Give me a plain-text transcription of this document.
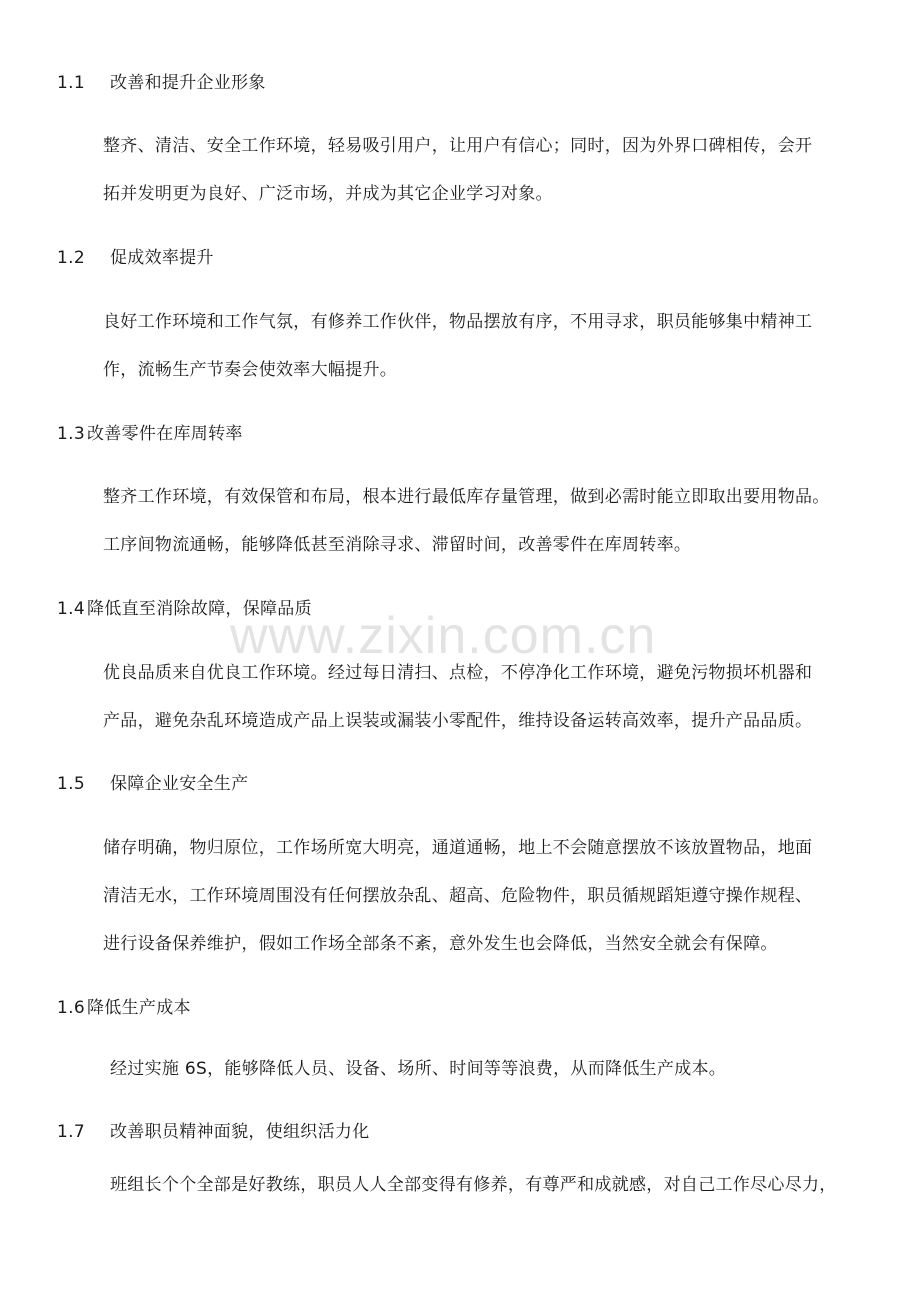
www.zixin.com.cn
1.1 改善和提升企业形象
整齐、清洁、安全工作环境，轻易吸引用户，让用户有信心；同时，因为外界口碑相传，会开
拓并发明更为良好、广泛市场，并成为其它企业学习对象。
1.2 促成效率提升
良好工作环境和工作气氛，有修养工作伙伴，物品摆放有序，不用寻求，职员能够集中精神工
作，流畅生产节奏会使效率大幅提升。
1.3 改善零件在库周转率
整齐工作环境，有效保管和布局，根本进行最低库存量管理，做到必需时能立即取出要用物品。
工序间物流通畅，能够降低甚至消除寻求、滞留时间，改善零件在库周转率。
1.4 降低直至消除故障，保障品质
优良品质来自优良工作环境。经过每日清扫、点检，不停净化工作环境，避免污物损坏机器和
产品，避免杂乱环境造成产品上误装或漏装小零配件，维持设备运转高效率，提升产品品质。
1.5 保障企业安全生产
储存明确，物归原位，工作场所宽大明亮，通道通畅，地上不会随意摆放不该放置物品，地面
清洁无水，工作环境周围没有任何摆放杂乱、超高、危险物件，职员循规蹈矩遵守操作规程、
进行设备保养维护，假如工作场全部条不紊，意外发生也会降低，当然安全就会有保障。
1.6 降低生产成本
经过实施 6S，能够降低人员、设备、场所、时间等等浪费，从而降低生产成本。
1.7 改善职员精神面貌，使组织活力化
班组长个个全部是好教练，职员人人全部变得有修养，有尊严和成就感，对自己工作尽心尽力，
